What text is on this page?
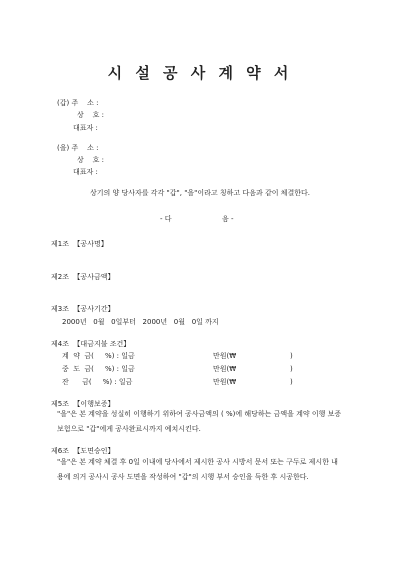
시 설 공 사 계 약 서
(갑) 주    소 :
상    호 :
대표자 :
(을) 주    소 :
상    호 :
대표자 :
상기의 양 당사자를 각각 "갑", "을"이라고 칭하고 다음과 같이 체결한다.
- 다	음 -
제1조  【공사명】
제2조  【공사금액】
제3조  【공사기간】
2000년   0월   0일부터   2000년   0월   0일 까지
제4조  【대금지불 조건】
계  약  금(     %) : 일금	만원(₩	)
중  도  금(     %) : 일금	만원(₩	)
잔      금(     %) : 일금	만원(₩	)
제5조  【이행보증】
"을"은 본 계약을 성실히 이행하기 위하여 공사금액의 ( %)에 해당하는 금액을 계약 이행 보증보험으로 "갑"에게 공사완료시까지 예치시킨다.
제6조  【도면승인】
"을"은 본 계약 체결 후 0일 이내에 당사에서 제시한 공사 시방서 문서 또는 구두로 제시한 내용에 의거 공사시 공사 도면을 작성하여 "갑"의 시행 부서 승인을 득한 후 시공한다.
